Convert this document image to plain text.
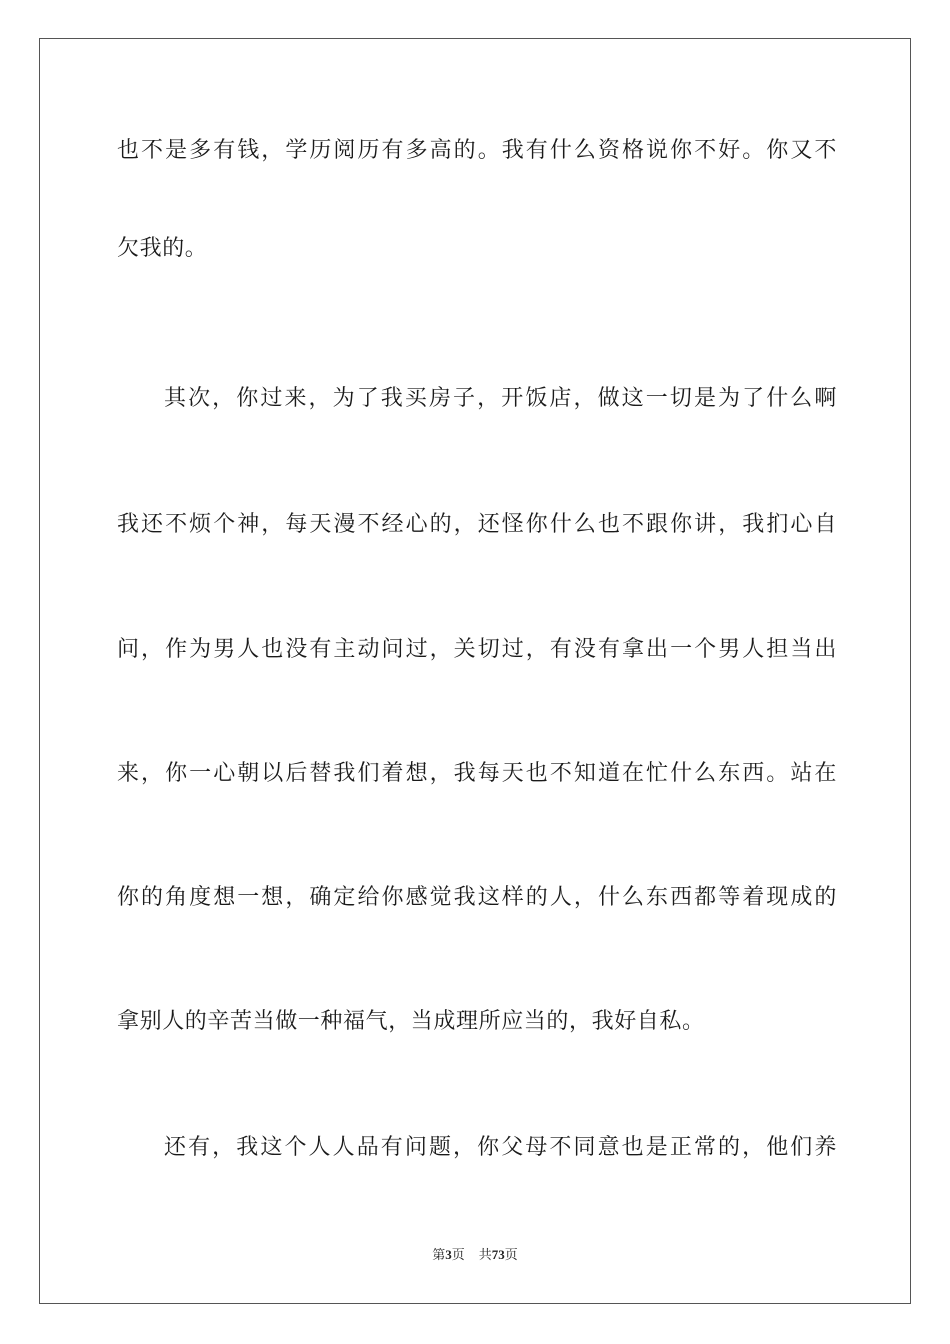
也不是多有钱，学历阅历有多高的。我有什么资格说你不好。你又不
欠我的。
其次，你过来，为了我买房子，开饭店，做这一切是为了什么啊
我还不烦个神，每天漫不经心的，还怪你什么也不跟你讲，我扪心自
问，作为男人也没有主动问过，关切过，有没有拿出一个男人担当出
来，你一心朝以后替我们着想，我每天也不知道在忙什么东西。站在
你的角度想一想，确定给你感觉我这样的人，什么东西都等着现成的
拿别人的辛苦当做一种福气，当成理所应当的，我好自私。
还有，我这个人人品有问题，你父母不同意也是正常的，他们养
第3页 共73页
